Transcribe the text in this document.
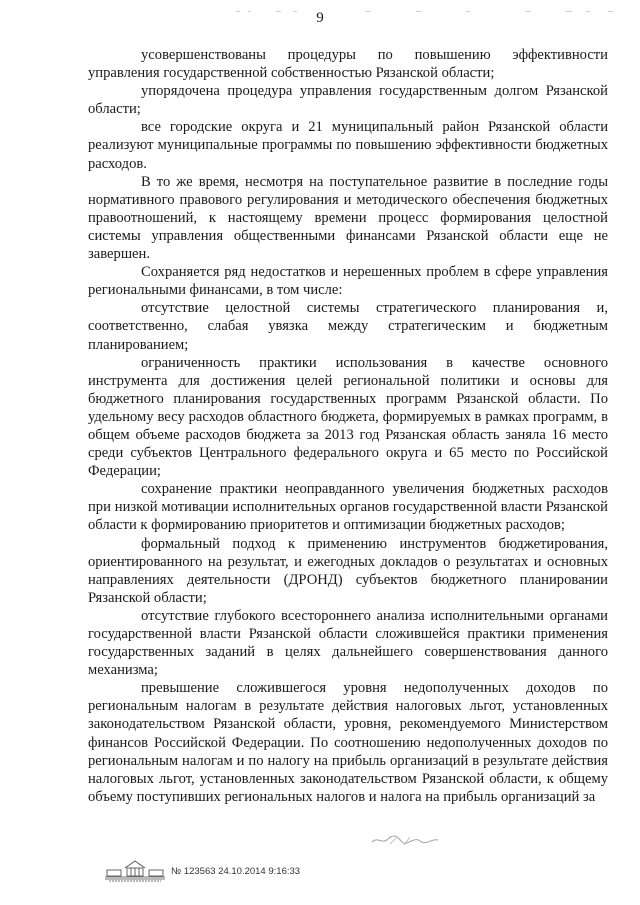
9

усовершенствованы процедуры по повышению эффективности управления государственной собственностью Рязанской области;

упорядочена процедура управления государственным долгом Рязанской области;

все городские округа и 21 муниципальный район Рязанской области реализуют муниципальные программы по повышению эффективности бюджетных расходов.

В то же время, несмотря на поступательное развитие в последние годы нормативного правового регулирования и методического обеспечения бюджетных правоотношений, к настоящему времени процесс формирования целостной системы управления общественными финансами Рязанской области еще не завершен.

Сохраняется ряд недостатков и нерешенных проблем в сфере управления региональными финансами, в том числе:

отсутствие целостной системы стратегического планирования и, соответственно, слабая увязка между стратегическим и бюджетным планированием;

ограниченность практики использования в качестве основного инструмента для достижения целей региональной политики и основы для бюджетного планирования государственных программ Рязанской области. По удельному весу расходов областного бюджета, формируемых в рамках программ, в общем объеме расходов бюджета за 2013 год Рязанская область заняла 16 место среди субъектов Центрального федерального округа и 65 место по Российской Федерации;

сохранение практики неоправданного увеличения бюджетных расходов при низкой мотивации исполнительных органов государственной власти Рязанской области к формированию приоритетов и оптимизации бюджетных расходов;

формальный подход к применению инструментов бюджетирования, ориентированного на результат, и ежегодных докладов о результатах и основных направлениях деятельности (ДРОНД) субъектов бюджетного планировании Рязанской области;

отсутствие глубокого всестороннего анализа исполнительными органами государственной власти Рязанской области сложившейся практики применения государственных заданий в целях дальнейшего совершенствования данного механизма;

превышение сложившегося уровня недополученных доходов по региональным налогам в результате действия налоговых льгот, установленных законодательством Рязанской области, уровня, рекомендуемого Министерством финансов Российской Федерации. По соотношению недополученных доходов по региональным налогам и по налогу на прибыль организаций в результате действия налоговых льгот, установленных законодательством Рязанской области, к общему объему поступивших региональных налогов и налога на прибыль организаций за

№ 123563 24.10.2014 9:16:33
